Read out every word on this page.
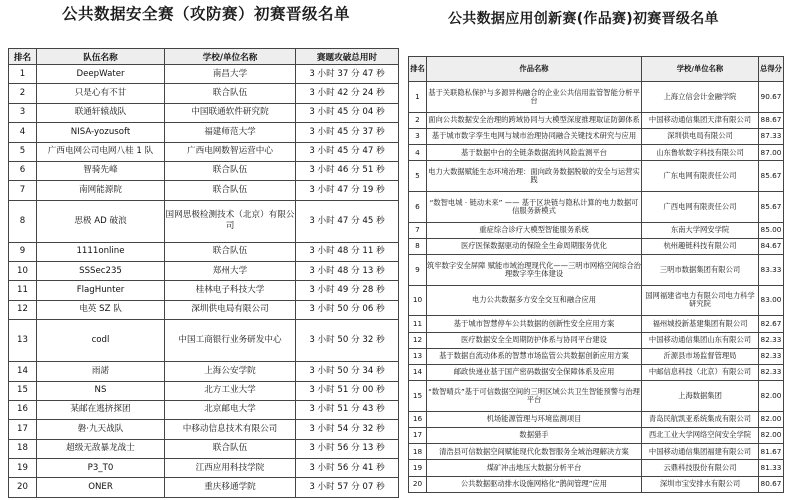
公共数据安全赛（攻防赛）初赛晋级名单	公共数据应用创新赛(作品赛)初赛晋级名单
排名	队伍名称	学校/单位名称	赛题攻破总用时
1	DeepWater	南昌大学	3 小时 37 分 47 秒
2	只是心有不甘	联合队伍	3 小时 42 分 24 秒
3	联通轩辕战队	中国联通软件研究院	3 小时 45 分 04 秒
4	NISA-yozusoft	福建师范大学	3 小时 45 分 37 秒
5	广西电网公司电网八桂 1 队	广西电网数智运营中心	3 小时 45 分 47 秒
6	智骑先峰	联合队伍	3 小时 46 分 51 秒
7	南网能源院	联合队伍	3 小时 47 分 19 秒
8	思极 AD 破浪	国网思极检测技术（北京）有限公司	3 小时 47 分 45 秒
9	1111online	联合队伍	3 小时 48 分 11 秒
10	SSSec235	郑州大学	3 小时 48 分 13 秒
11	FlagHunter	桂林电子科技大学	3 小时 49 分 28 秒
12	电英 SZ 队	深圳供电局有限公司	3 小时 50 分 06 秒
13	codl	中国工商银行业务研发中心	3 小时 50 分 32 秒
14	雨諾	上海公安学院	3 小时 50 分 34 秒
15	NS	北方工业大学	3 小时 51 分 00 秒
16	某邮在逃挤探团	北京邮电大学	3 小时 51 分 43 秒
17	磐·九天战队	中移动信息技术有限公司	3 小时 54 分 32 秒
18	超级无敌暴龙战士	联合队伍	3 小时 56 分 13 秒
19	P3_T0	江西应用科技学院	3 小时 56 分 41 秒
20	ONER	重庆移通学院	3 小时 57 分 07 秒
排名	作品名称	学校/单位名称	总得分
1	基于关联隐私保护与多源异构融合的企业公共信用监管智能分析平台	上海立信会计金融学院	90.67
2	面向公共数据安全治理的跨域协同与大模型深度推理取证防御体系	中国移动通信集团天津有限公司	88.67
3	基于城市数字孪生电网与城市治理协同融合关键技术研究与应用	深圳供电局有限公司	87.33
4	基于数据中台的全链条数据流转风险监测平台	山东鲁软数字科技有限公司	87.00
5	电力大数据赋能生态环境治理：面向政务数据脱敏的安全与运营实践	广东电网有限责任公司	85.67
6	“数智电城 · 链动未来” —— 基于区块链与隐私计算的电力数据可信服务新模式	广西电网有限责任公司	85.67
7	重症综合诊疗大模型智能服务系统	东南大学网安学院	85.00
8	医疗医保数据驱动的保险全生命周期服务优化	杭州趣链科技有限公司	84.67
9	筑牢数字安全屏障 赋能市域治理现代化——三明市网格空间综合治理数字孪生体建设	三明市数据集团有限公司	83.33
10	电力公共数据多方安全交互和融合应用	国网福建省电力有限公司电力科学研究院	83.00
11	基于城市智慧停车公共数据的创新性安全应用方案	福州城投新基建集团有限公司	82.67
12	医疗数据安全全周期防护体系与协同平台建设	中国移动通信集团山东有限公司	82.33
13	基于数据自流动体系的智慧市场监管公共数据创新应用方案	沂源县市场监督管理局	82.33
14	邮政快递业基于国产密码数据安全保障体系及应用	中邮信息科技（北京）有限公司	82.33
15	“数智晴兵”基于可信数据空间的三明区域公共卫生智能预警与治理平台	上海数据集团	82.00
16	机场能源管理与环境监测项目	青岛民航凯亚系统集成有限公司	82.00
17	数据猎手	西北工业大学网络空间安全学院	82.00
18	清浩县可信数据空间赋能现代化数智服务全域治理解决方案	中国移动通信集团福建有限公司	81.67
19	煤矿冲击地压大数据分析平台	云鼎科技股份有限公司	81.33
20	公共数据驱动排水设施网格化“鹊间管理”应用	深圳市宝安排水有限公司	80.67
